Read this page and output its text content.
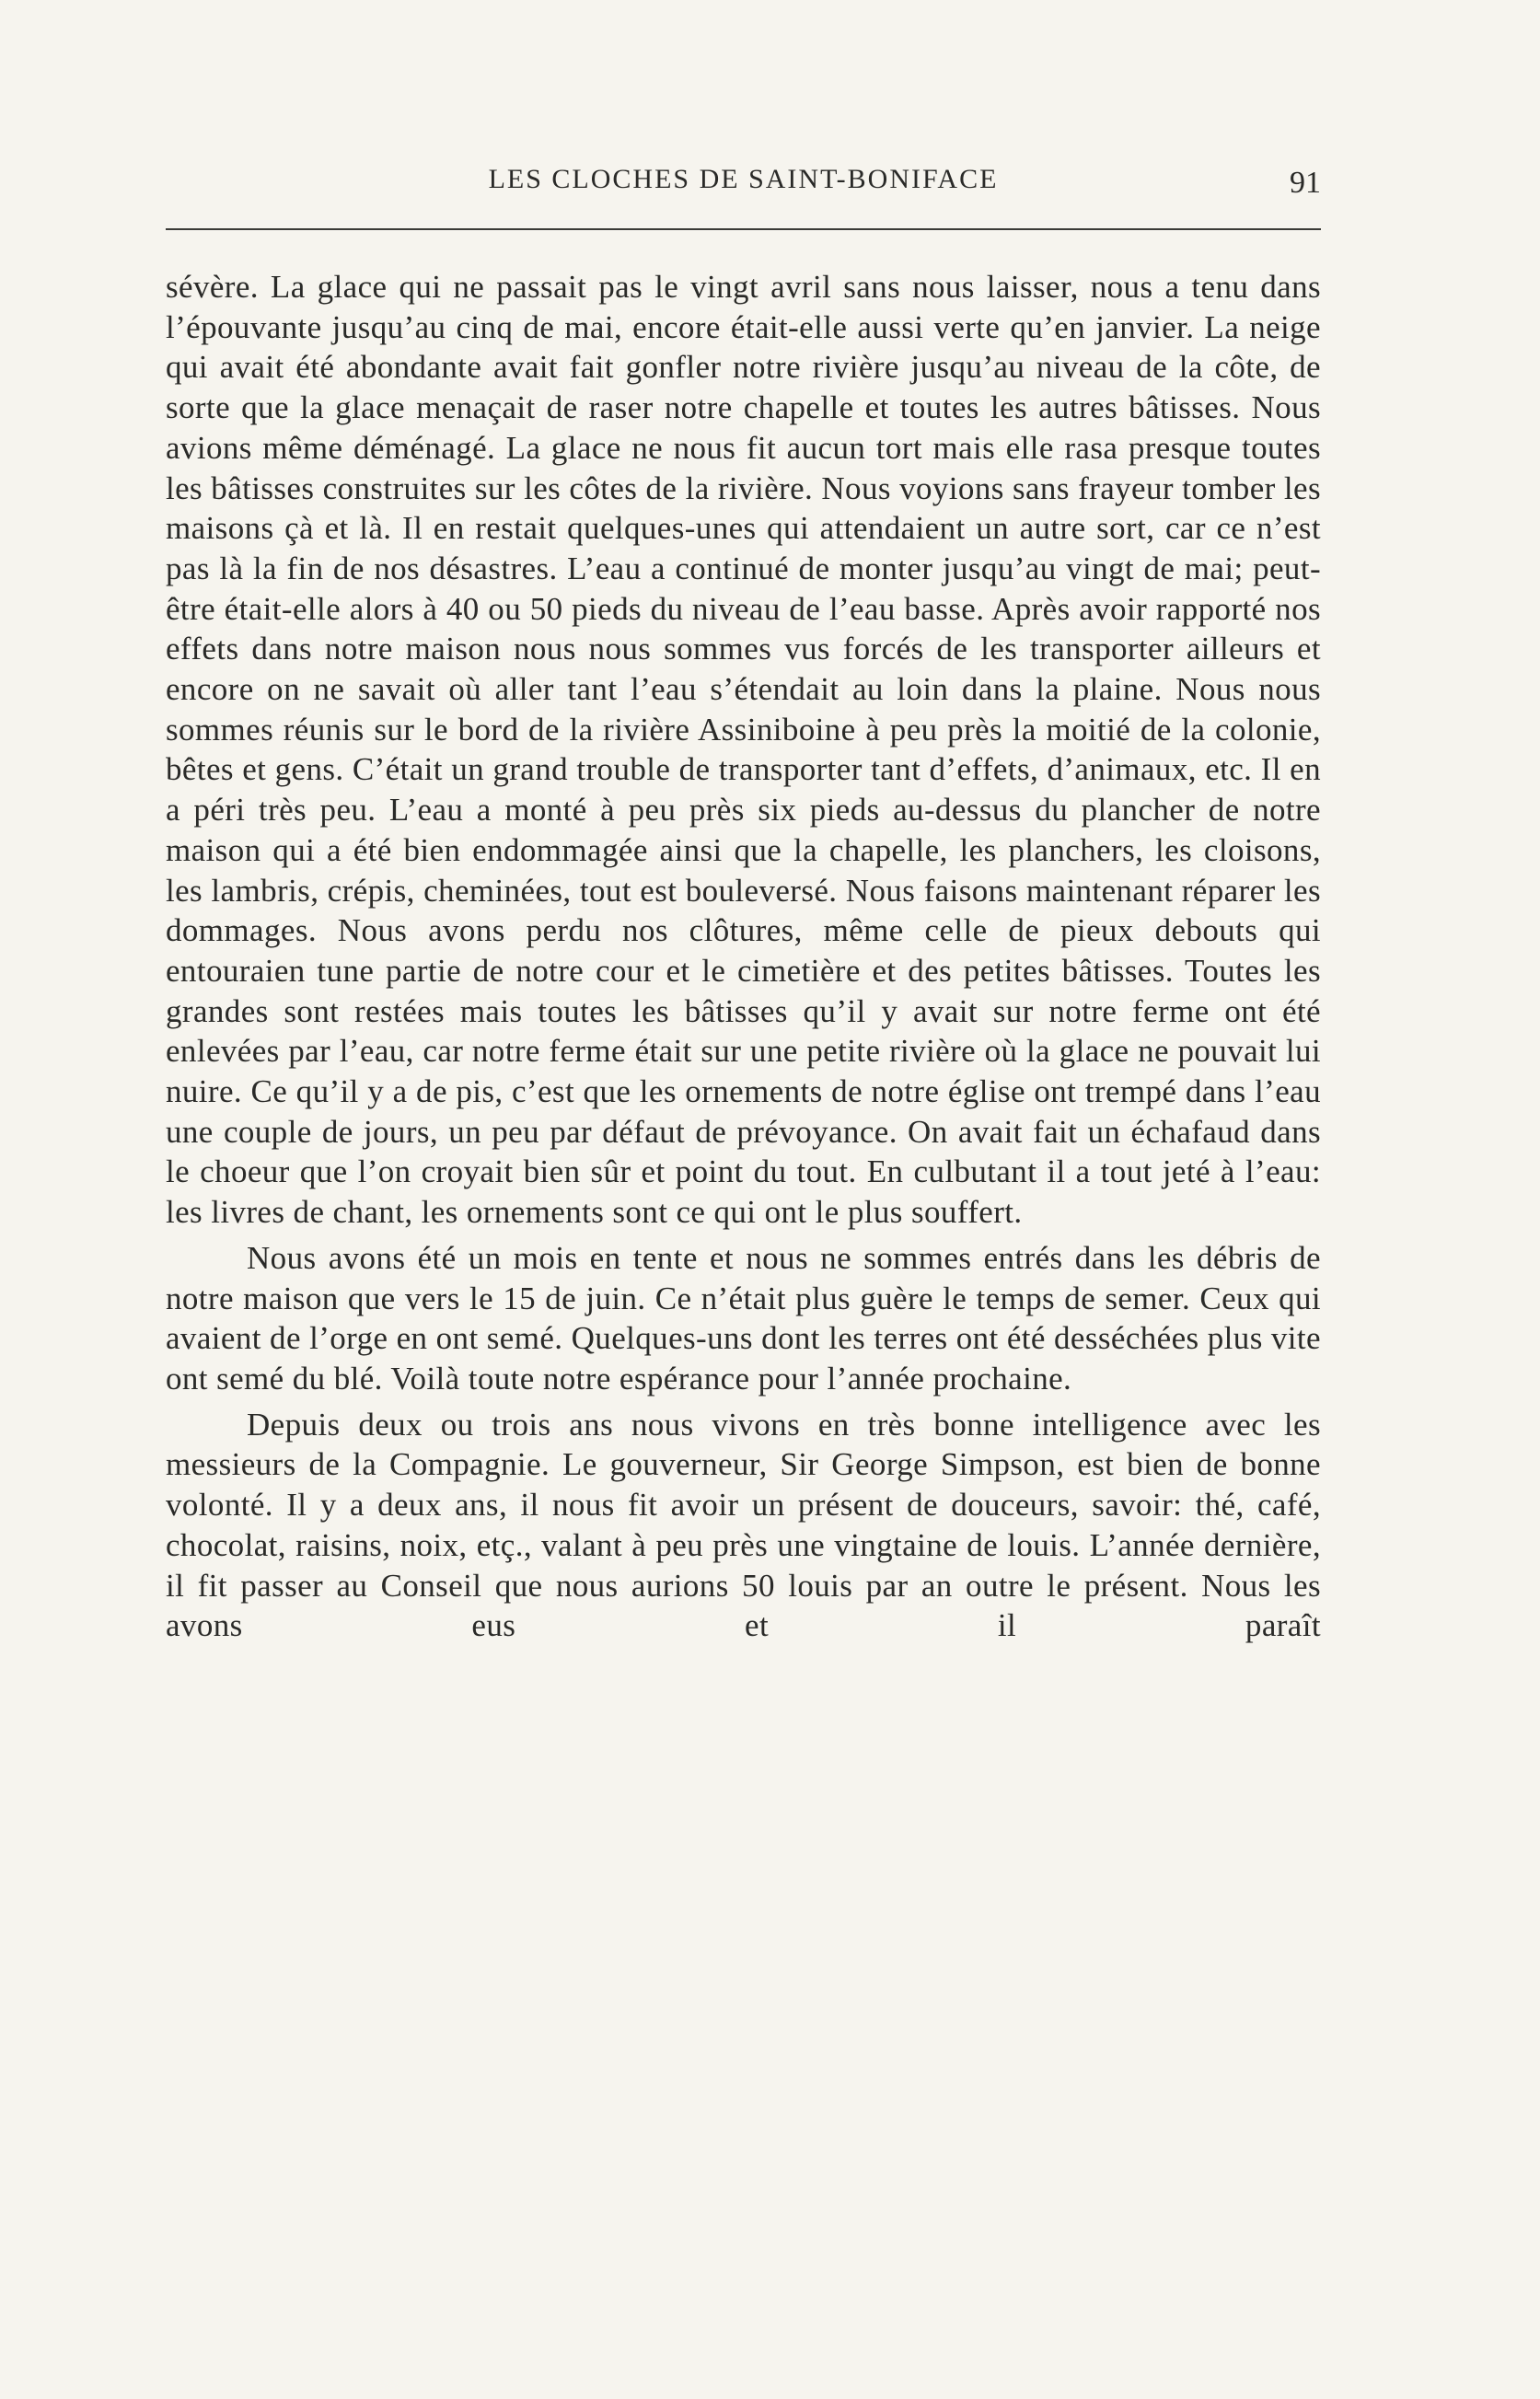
LES CLOCHES DE SAINT-BONIFACE	91

sévère. La glace qui ne passait pas le vingt avril sans nous laisser, nous a tenu dans l’épouvante jusqu’au cinq de mai, encore était-elle aussi verte qu’en janvier. La neige qui avait été abondante avait fait gonfler notre rivière jusqu’au niveau de la côte, de sorte que la glace menaçait de raser notre chapelle et toutes les autres bâtisses. Nous avions même déménagé. La glace ne nous fit aucun tort mais elle rasa presque toutes les bâtisses construites sur les côtes de la rivière. Nous voyions sans frayeur tomber les maisons çà et là. Il en restait quelques-unes qui attendaient un autre sort, car ce n’est pas là la fin de nos désastres. L’eau a continué de monter jusqu’au vingt de mai; peut-être était-elle alors à 40 ou 50 pieds du niveau de l’eau basse. Après avoir rapporté nos effets dans notre maison nous nous sommes vus forcés de les transporter ailleurs et encore on ne savait où aller tant l’eau s’étendait au loin dans la plaine. Nous nous sommes réunis sur le bord de la rivière Assiniboine à peu près la moitié de la colonie, bêtes et gens. C’était un grand trouble de transporter tant d’effets, d’animaux, etc. Il en a péri très peu. L’eau a monté à peu près six pieds au-dessus du plancher de notre maison qui a été bien endommagée ainsi que la chapelle, les planchers, les cloisons, les lambris, crépis, cheminées, tout est bouleversé. Nous faisons maintenant réparer les dommages. Nous avons perdu nos clôtures, même celle de pieux debouts qui entouraien tune partie de notre cour et le cimetière et des petites bâtisses. Toutes les grandes sont restées mais toutes les bâtisses qu’il y avait sur notre ferme ont été enlevées par l’eau, car notre ferme était sur une petite rivière où la glace ne pouvait lui nuire. Ce qu’il y a de pis, c’est que les ornements de notre église ont trempé dans l’eau une couple de jours, un peu par défaut de prévoyance. On avait fait un échafaud dans le choeur que l’on croyait bien sûr et point du tout. En culbutant il a tout jeté à l’eau: les livres de chant, les ornements sont ce qui ont le plus souffert.

Nous avons été un mois en tente et nous ne sommes entrés dans les débris de notre maison que vers le 15 de juin. Ce n’était plus guère le temps de semer. Ceux qui avaient de l’orge en ont semé. Quelques-uns dont les terres ont été desséchées plus vite ont semé du blé. Voilà toute notre espérance pour l’année prochaine.

Depuis deux ou trois ans nous vivons en très bonne intelligence avec les messieurs de la Compagnie. Le gouverneur, Sir George Simpson, est bien de bonne volonté. Il y a deux ans, il nous fit avoir un présent de douceurs, savoir: thé, café, chocolat, raisins, noix, etç., valant à peu près une vingtaine de louis. L’année dernière, il fit passer au Conseil que nous aurions 50 louis par an outre le présent. Nous les avons eus et il paraît
